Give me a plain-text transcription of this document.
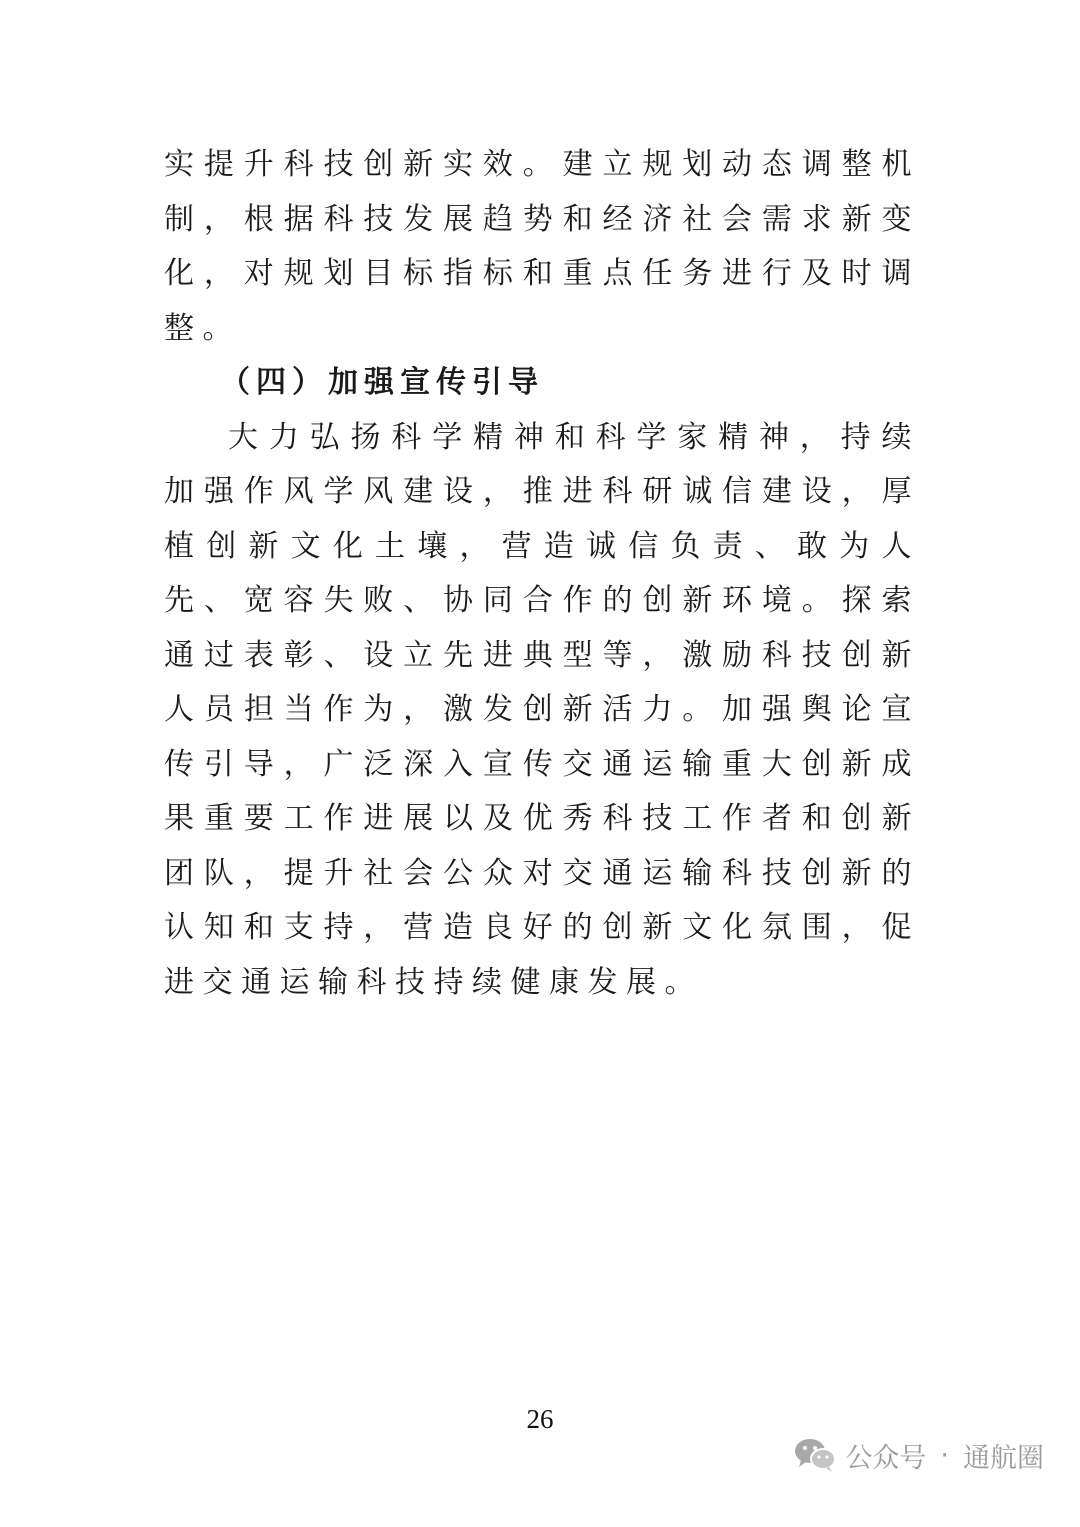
实提升科技创新实效。建立规划动态调整机制，根据科技发展趋势和经济社会需求新变化，对规划目标指标和重点任务进行及时调整。

（四）加强宣传引导

大力弘扬科学精神和科学家精神，持续加强作风学风建设，推进科研诚信建设，厚植创新文化土壤，营造诚信负责、敢为人先、宽容失败、协同合作的创新环境。探索通过表彰、设立先进典型等，激励科技创新人员担当作为，激发创新活力。加强舆论宣传引导，广泛深入宣传交通运输重大创新成果重要工作进展以及优秀科技工作者和创新团队，提升社会公众对交通运输科技创新的认知和支持，营造良好的创新文化氛围，促进交通运输科技持续健康发展。

26
公众号 · 通航圈
